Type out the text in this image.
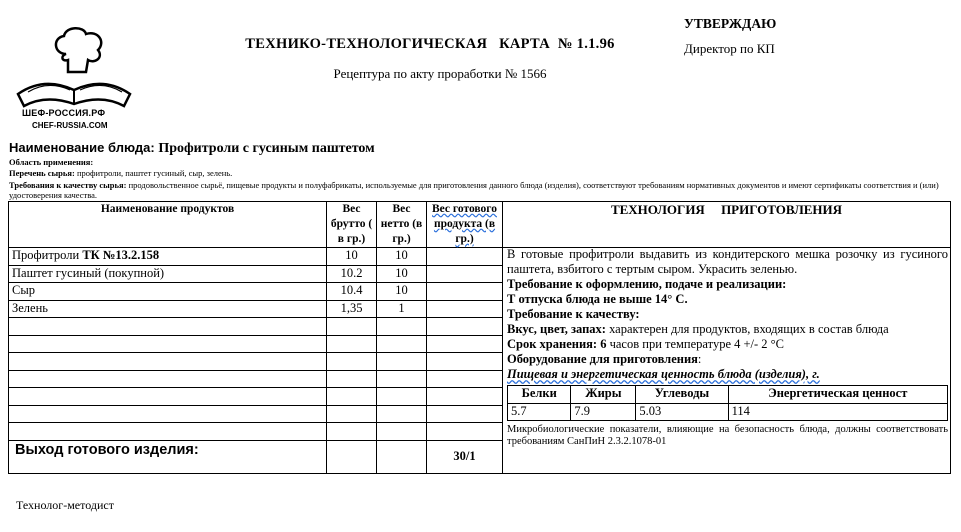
ШЕФ-РОССИЯ.РФ
CHEF-RUSSIA.COM
ТЕХНИКО-ТЕХНОЛОГИЧЕСКАЯ   КАРТА  № 1.1.96
Рецептура по акту проработки № 1566
УТВЕРЖДАЮ
Директор по КП
Наименование блюда: Профитроли с гусиным паштетом
Область применения:
Перечень сырья: профитроли, паштет гусиный, сыр, зелень.
Требования к качеству сырья: продовольственное сырьё, пищевые продукты и полуфабрикаты, используемые для приготовления данного блюда (изделия), соответствуют требованиям нормативных документов и имеют сертификаты соответствия и (или) удостоверения качества.
Наименование продуктов	Вес брутто ( в гр.)	Вес нетто (в гр.)	Вес готового продукта (в гр.)	ТЕХНОЛОГИЯ     ПРИГОТОВЛЕНИЯ
Профитроли ТК №13.2.158	10	10		В готовые профитроли выдавить из кондитерского мешка розочку из гусиного паштета, взбитого с тертым сыром. Украсить зеленью.
Требование к оформлению, подаче и реализации:
Т отпуска блюда не выше 14° С.
Требование к качеству:
Вкус, цвет, запах: характерен для продуктов, входящих в состав блюда
Срок хранения: 6 часов при температуре 4 +/- 2 °С
Оборудование для приготовления:
Пищевая и энергетическая ценность блюда (изделия), г.
Белки	Жиры	Углеводы	Энергетическая ценност
5.7	7.9	5.03	114
Микробиологические показатели, влияющие на безопасность блюда, должны соответствовать требованиям СанПиН 2.3.2.1078-01

Паштет гусиный (покупной)	10.2	10	
Сыр	10.4	10	
Зелень	1,35	1	

Выход готового изделия:			30/1
Технолог-методист
